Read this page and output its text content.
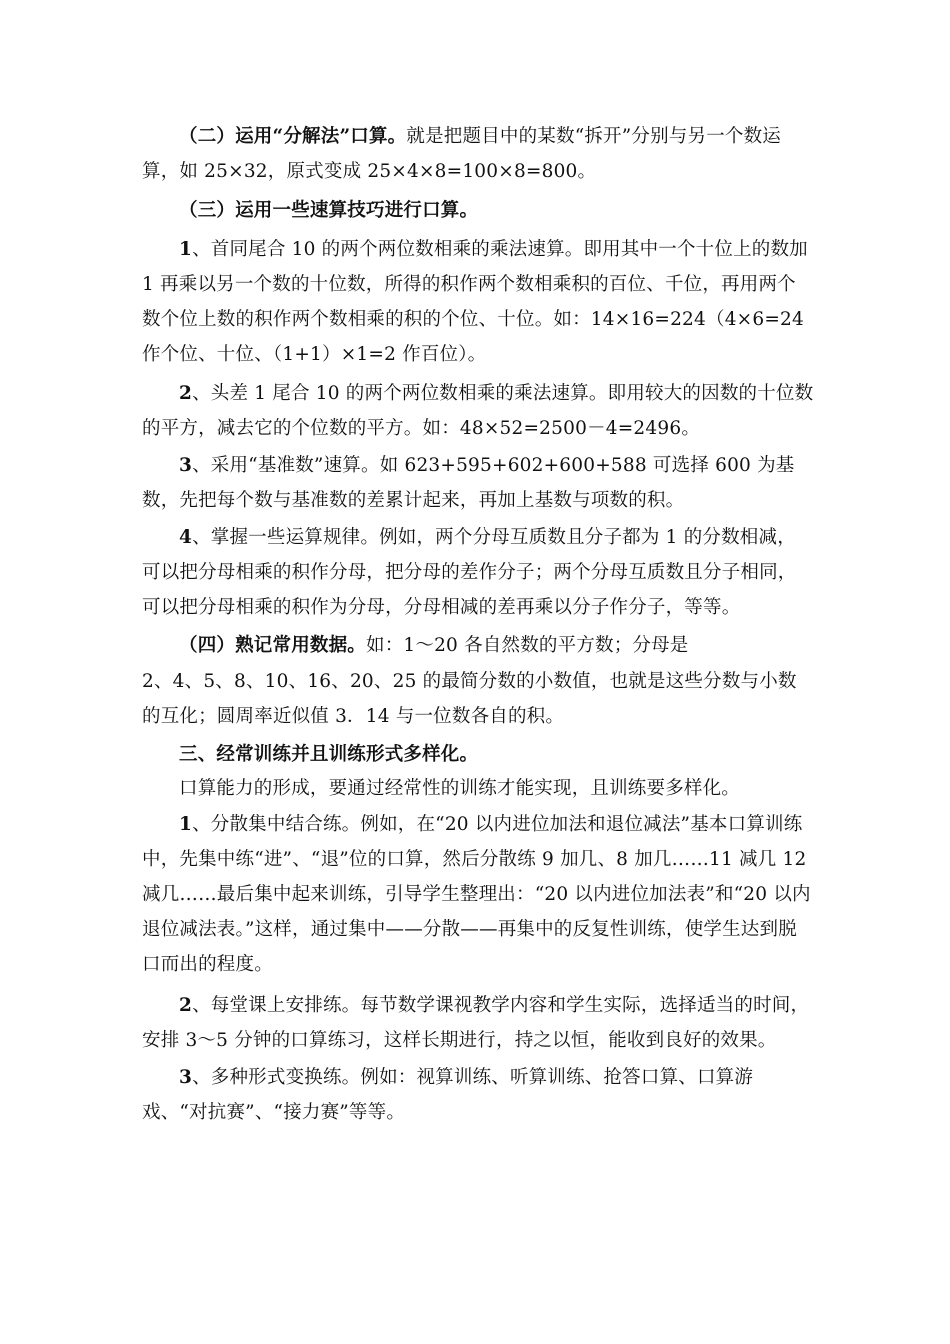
（二）运用“分解法”口算。就是把题目中的某数“拆开”分别与另一个数运算，如 25×32，原式变成 25×4×8=100×8=800。

（三）运用一些速算技巧进行口算。

1、首同尾合 10 的两个两位数相乘的乘法速算。即用其中一个十位上的数加 1 再乘以另一个数的十位数，所得的积作两个数相乘积的百位、千位，再用两个数个位上数的积作两个数相乘的积的个位、十位。如：14×16=224（4×6=24 作个位、十位、（1+1）×1=2 作百位）。

2、头差 1 尾合 10 的两个两位数相乘的乘法速算。即用较大的因数的十位数的平方，减去它的个位数的平方。如：48×52=2500－4=2496。

3、采用“基准数”速算。如 623+595+602+600+588 可选择 600 为基数，先把每个数与基准数的差累计起来，再加上基数与项数的积。

4、掌握一些运算规律。例如，两个分母互质数且分子都为 1 的分数相减，可以把分母相乘的积作分母，把分母的差作分子；两个分母互质数且分子相同，可以把分母相乘的积作为分母，分母相减的差再乘以分子作分子，等等。

（四）熟记常用数据。如：1～20 各自然数的平方数；分母是

2、4、5、8、10、16、20、25 的最简分数的小数值，也就是这些分数与小数的互化；圆周率近似值 3．14 与一位数各自的积。

三、经常训练并且训练形式多样化。

口算能力的形成，要通过经常性的训练才能实现，且训练要多样化。

1、分散集中结合练。例如，在“20 以内进位加法和退位减法”基本口算训练中，先集中练“进”、“退”位的口算，然后分散练 9 加几、8 加几……11 减几 12 减几……最后集中起来训练，引导学生整理出：“20 以内进位加法表”和“20 以内退位减法表。”这样，通过集中——分散——再集中的反复性训练，使学生达到脱口而出的程度。

2、每堂课上安排练。每节数学课视教学内容和学生实际，选择适当的时间，安排 3～5 分钟的口算练习，这样长期进行，持之以恒，能收到良好的效果。

3、多种形式变换练。例如：视算训练、听算训练、抢答口算、口算游戏、“对抗赛”、“接力赛”等等。
